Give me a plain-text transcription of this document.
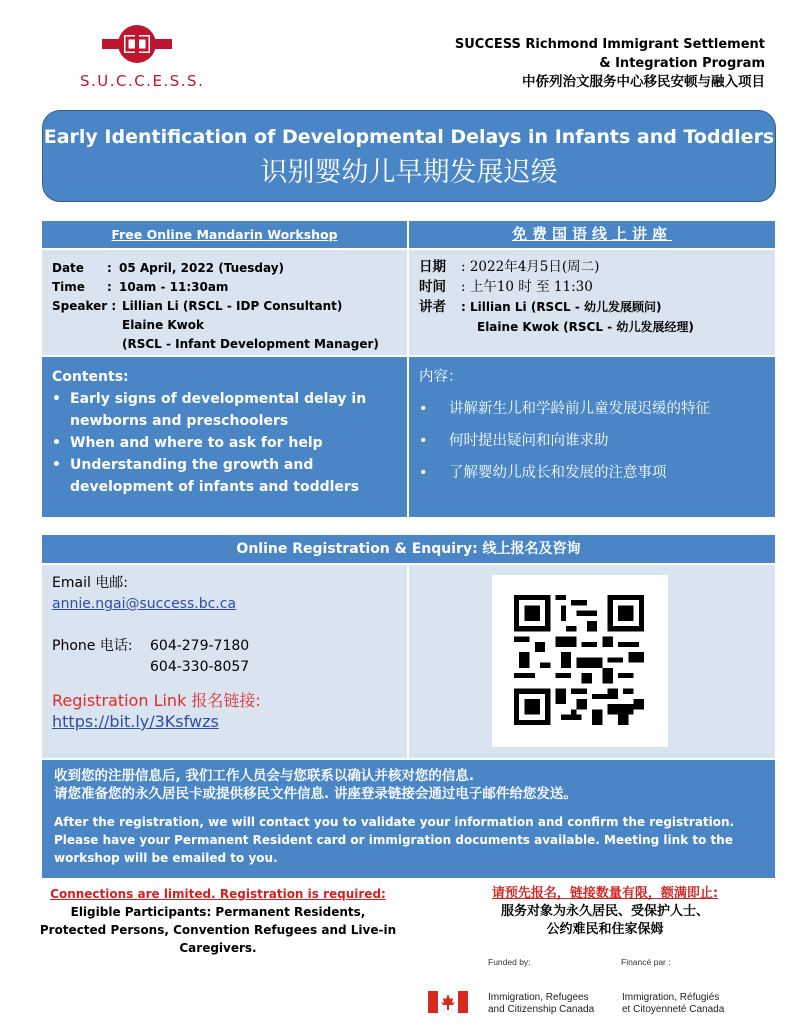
S.U.C.C.E.S.S.
SUCCESS Richmond Immigrant Settlement
& Integration Program
中侨列治文服务中心移民安顿与融入项目
Early Identification of Developmental Delays in Infants and Toddlers
识别婴幼儿早期发展迟缓
Free Online Mandarin Workshop	免费国语线上讲座
Date	: 05 April, 2022 (Tuesday)
Time	: 10am - 11:30am
Speaker : Lillian Li (RSCL - IDP Consultant)
Elaine Kwok
(RSCL - Infant Development Manager)
日期	: 2022年4月5日(周二)
时间	: 上午10 时 至 11:30
讲者	: Lillian Li (RSCL - 幼儿发展顾问)
Elaine Kwok (RSCL - 幼儿发展经理)
Contents:
• Early signs of developmental delay in newborns and preschoolers
• When and where to ask for help
• Understanding the growth and development of infants and toddlers
内容：
• 讲解新生儿和学龄前儿童发展迟缓的特征
• 何时提出疑问和向谁求助
• 了解婴幼儿成长和发展的注意事项
Online Registration & Enquiry: 线上报名及咨询
Email 电邮:
annie.ngai@success.bc.ca
Phone 电话:	604-279-7180
604-330-8057
Registration Link 报名链接:
https://bit.ly/3Ksfwzs
收到您的注册信息后, 我们工作人员会与您联系以确认并核对您的信息.
请您准备您的永久居民卡或提供移民文件信息. 讲座登录链接会通过电子邮件给您发送。
After the registration, we will contact you to validate your information and confirm the registration. Please have your Permanent Resident card or immigration documents available. Meeting link to the workshop will be emailed to you.
Connections are limited. Registration is required:
Eligible Participants: Permanent Residents, Protected Persons, Convention Refugees and Live-in Caregivers.
请预先报名，链接数量有限，额满即止:
服务对象为永久居民、受保护人士、
公约难民和住家保姆
Funded by:	Financé par :
Immigration, Refugees
and Citizenship Canada
Immigration, Réfugiés
et Citoyenneté Canada
